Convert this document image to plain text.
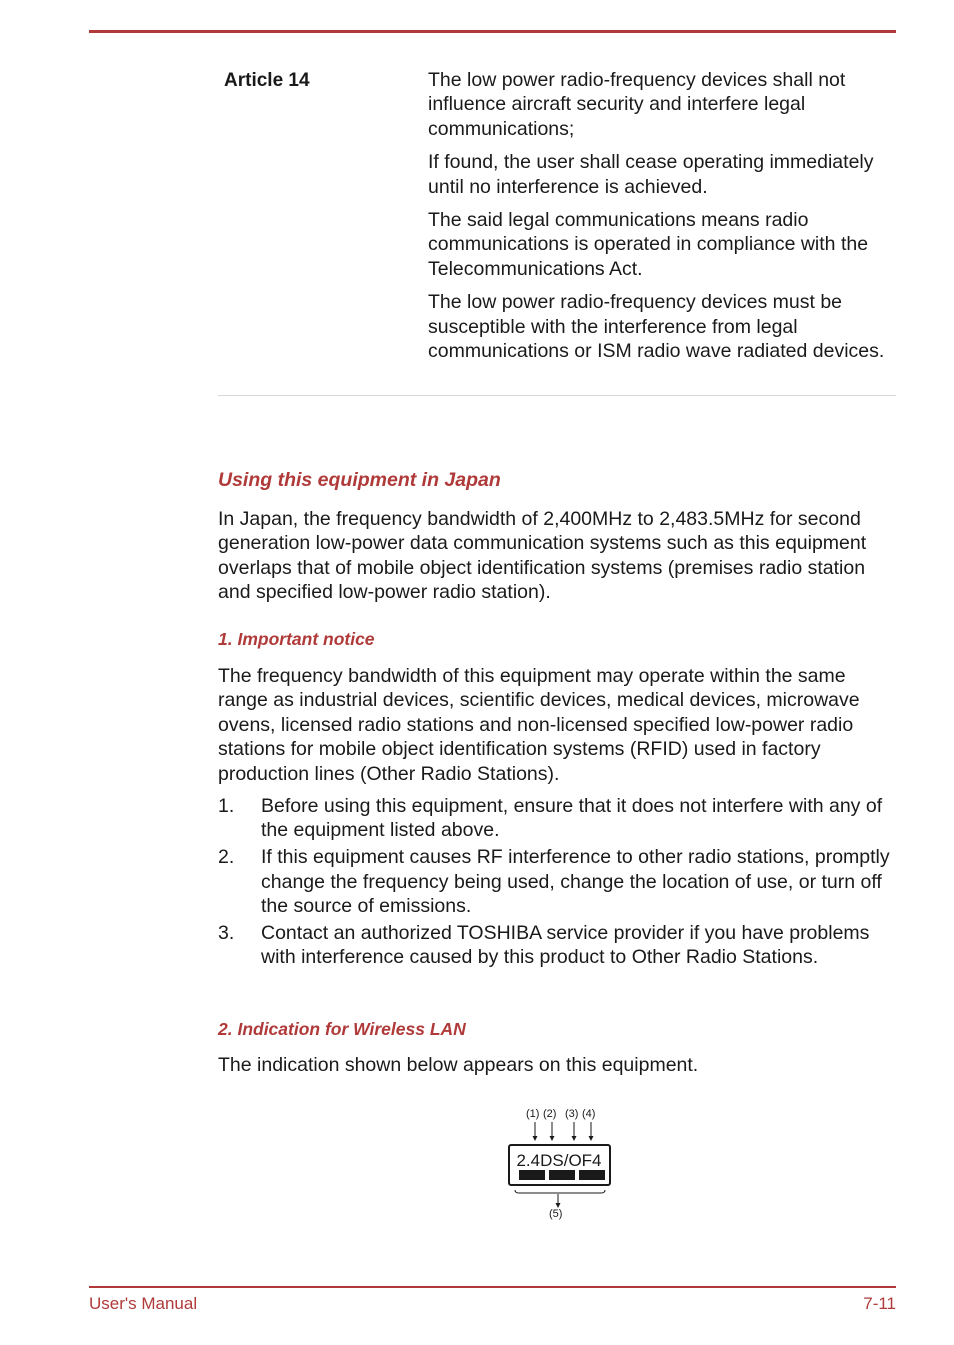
Article 14	The low power radio-frequency devices shall not influence aircraft security and interfere legal communications;

If found, the user shall cease operating immediately until no interference is achieved.

The said legal communications means radio communications is operated in compliance with the Telecommunications Act.

The low power radio-frequency devices must be susceptible with the interference from legal communications or ISM radio wave radiated devices.

Using this equipment in Japan

In Japan, the frequency bandwidth of 2,400MHz to 2,483.5MHz for second generation low-power data communication systems such as this equipment overlaps that of mobile object identification systems (premises radio station and specified low-power radio station).

1. Important notice

The frequency bandwidth of this equipment may operate within the same range as industrial devices, scientific devices, medical devices, microwave ovens, licensed radio stations and non-licensed specified low-power radio stations for mobile object identification systems (RFID) used in factory production lines (Other Radio Stations).

1. Before using this equipment, ensure that it does not interfere with any of the equipment listed above.
2. If this equipment causes RF interference to other radio stations, promptly change the frequency being used, change the location of use, or turn off the source of emissions.
3. Contact an authorized TOSHIBA service provider if you have problems with interference caused by this product to Other Radio Stations.
2. Indication for Wireless LAN

The indication shown below appears on this equipment.

(1) (2) (3) (4)
(5)
2.4DS/OF4
User's Manual	7-11
